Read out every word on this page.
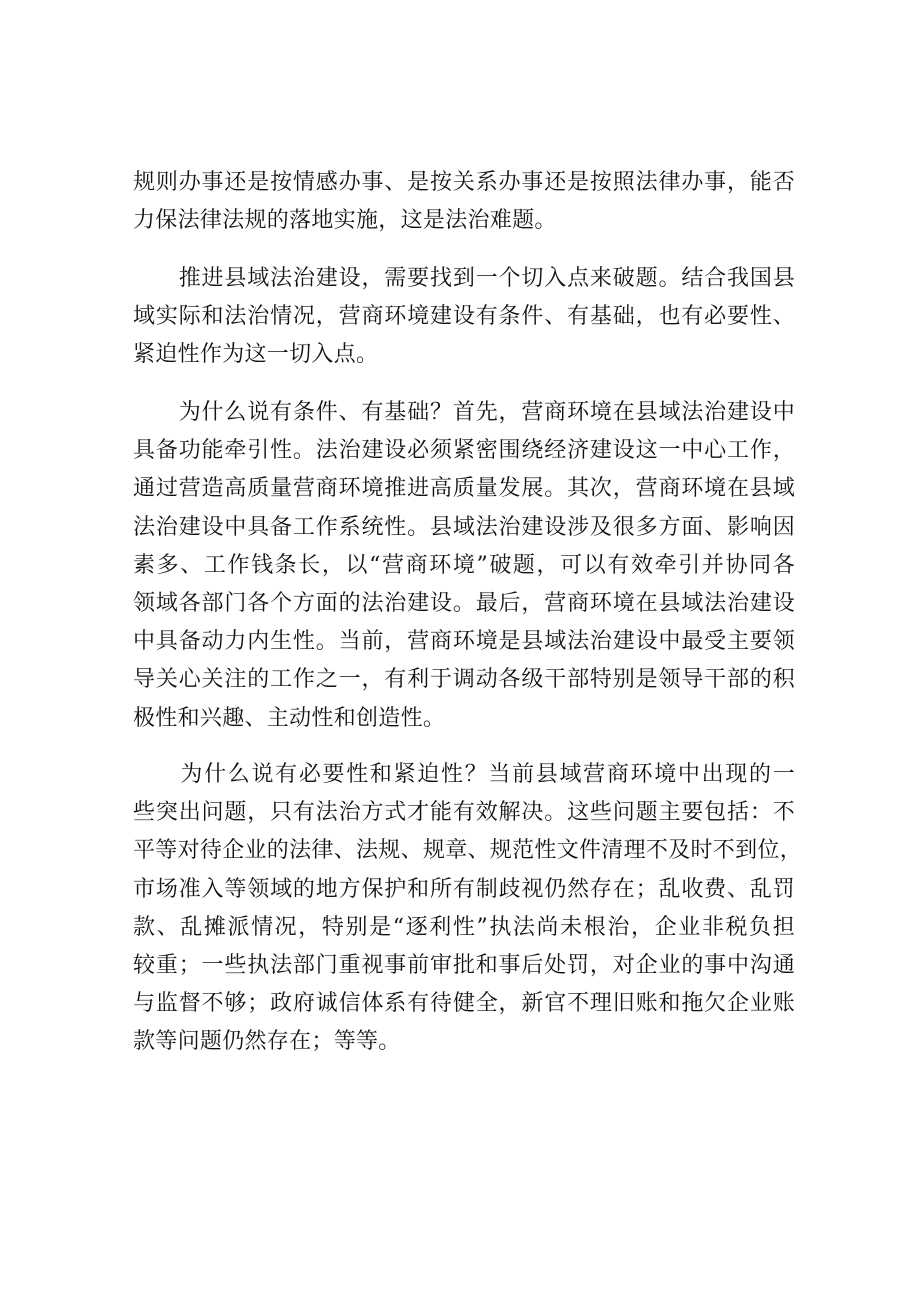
规则办事还是按情感办事、是按关系办事还是按照法律办事，能否
力保法律法规的落地实施，这是法治难题。
　　推进县域法治建设，需要找到一个切入点来破题。结合我国县
域实际和法治情况，营商环境建设有条件、有基础，也有必要性、
紧迫性作为这一切入点。
　　为什么说有条件、有基础？首先，营商环境在县域法治建设中
具备功能牵引性。法治建设必须紧密围绕经济建设这一中心工作，
通过营造高质量营商环境推进高质量发展。其次，营商环境在县域
法治建设中具备工作系统性。县域法治建设涉及很多方面、影响因
素多、工作钱条长，以“营商环境”破题，可以有效牵引并协同各
领域各部门各个方面的法治建设。最后，营商环境在县域法治建设
中具备动力内生性。当前，营商环境是县域法治建设中最受主要领
导关心关注的工作之一，有利于调动各级干部特别是领导干部的积
极性和兴趣、主动性和创造性。
　　为什么说有必要性和紧迫性？当前县域营商环境中出现的一
些突出问题，只有法治方式才能有效解决。这些问题主要包括：不
平等对待企业的法律、法规、规章、规范性文件清理不及时不到位，
市场准入等领域的地方保护和所有制歧视仍然存在；乱收费、乱罚
款、乱摊派情况，特别是“逐利性”执法尚未根治，企业非税负担
较重；一些执法部门重视事前审批和事后处罚，对企业的事中沟通
与监督不够；政府诚信体系有待健全，新官不理旧账和拖欠企业账
款等问题仍然存在；等等。
